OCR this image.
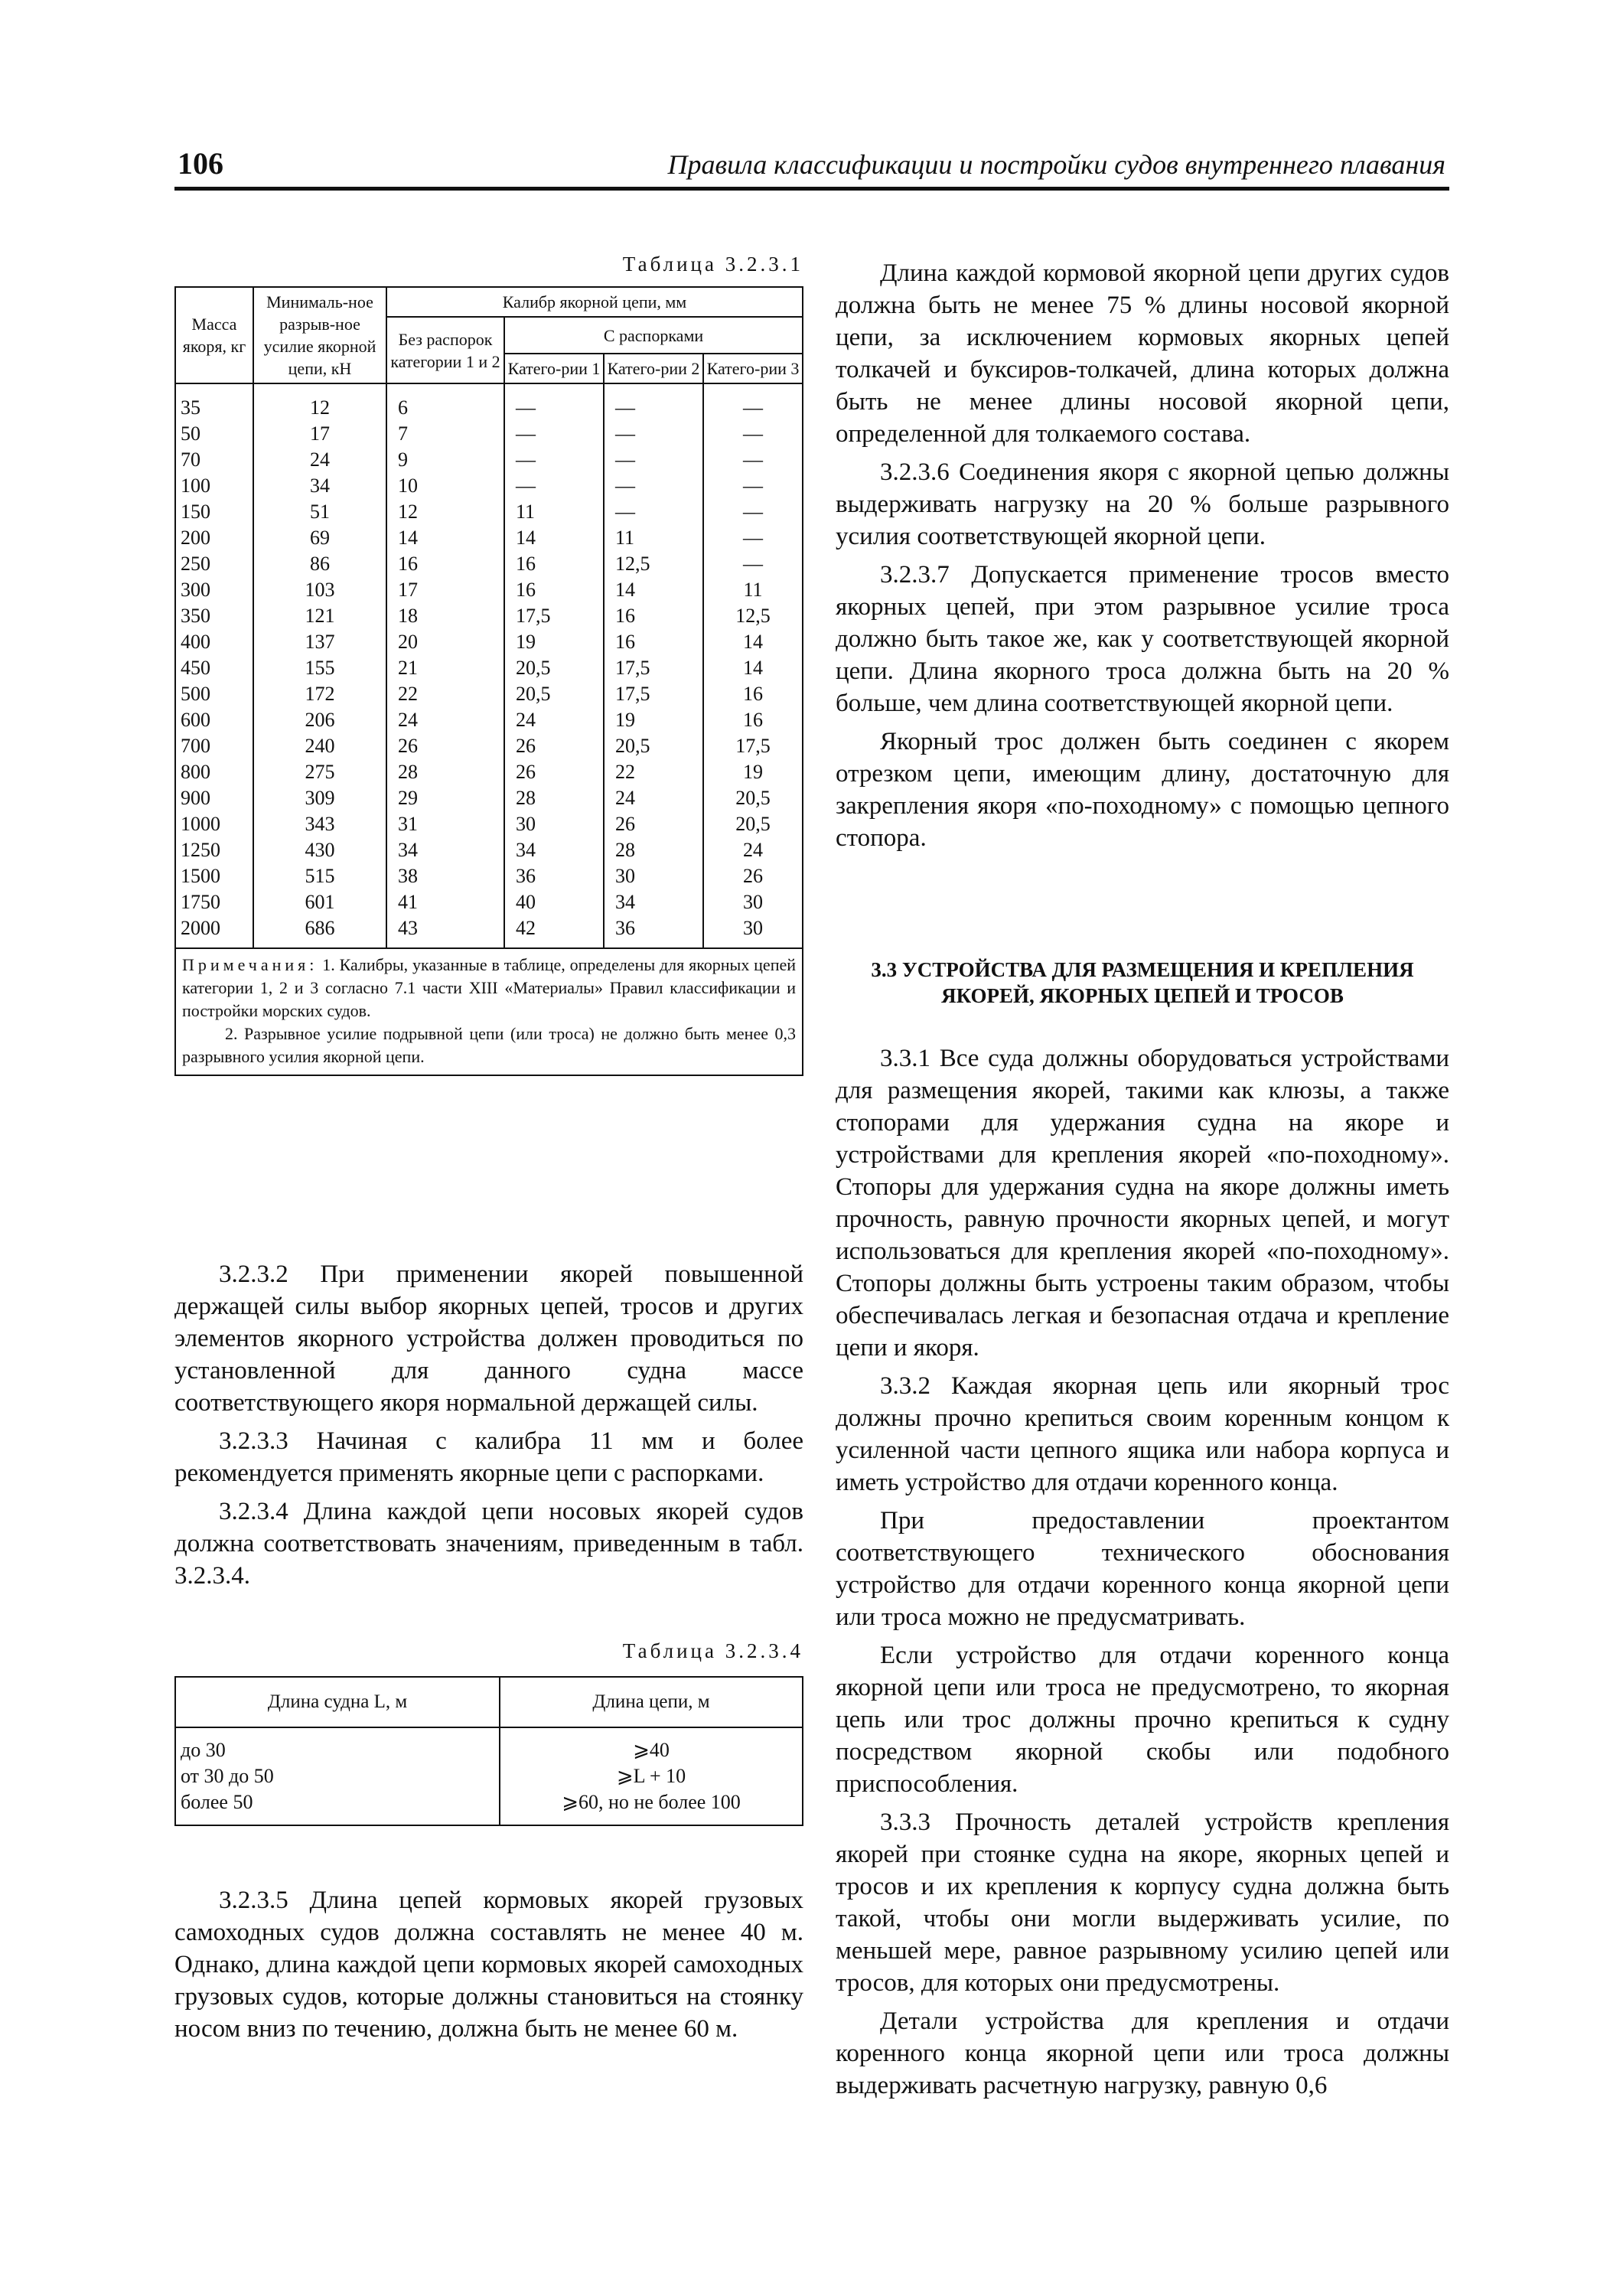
106	Правила классификации и постройки судов внутреннего плавания
Таблица 3.2.3.1
Масса якоря, кг	Минималь-ное разрыв-ное усилие якорной цепи, кН	Калибр якорной цепи, мм			
		Без распорок категории 1 и 2	С распорками		
			Катего-рии 1	Катего-рии 2	Катего-рии 3
35	12	6	—	—	—
50	17	7	—	—	—
70	24	9	—	—	—
100	34	10	—	—	—
150	51	12	11	—	—
200	69	14	14	11	—
250	86	16	16	12,5	—
300	103	17	16	14	11
350	121	18	17,5	16	12,5
400	137	20	19	16	14
450	155	21	20,5	17,5	14
500	172	22	20,5	17,5	16
600	206	24	24	19	16
700	240	26	26	20,5	17,5
800	275	28	26	22	19
900	309	29	28	24	20,5
1000	343	31	30	26	20,5
1250	430	34	34	28	24
1500	515	38	36	30	26
1750	601	41	40	34	30
2000	686	43	42	36	30
Примечания: 1. Калибры, указанные в таблице, определены для якорных цепей категории 1, 2 и 3 согласно 7.1 части XIII «Материалы» Правил классификации и постройки морских судов.
2. Разрывное усилие подрывной цепи (или троса) не должно быть менее 0,3 разрывного усилия якорной цепи.					

3.2.3.2 При применении якорей повышенной держащей силы выбор якорных цепей, тросов и других элементов якорного устройства должен проводиться по установленной для данного судна массе соответствующего якоря нормальной держащей силы.

3.2.3.3 Начиная с калибра 11 мм и более рекомендуется применять якорные цепи с распорками.

3.2.3.4 Длина каждой цепи носовых якорей судов должна соответствовать значениям, приведенным в табл. 3.2.3.4.

Таблица 3.2.3.4
Длина судна L, м	Длина цепи, м
до 30	⩾40
от 30 до 50	⩾L + 10
более 50	⩾60, но не более 100

3.2.3.5 Длина цепей кормовых якорей грузовых самоходных судов должна составлять не менее 40 м. Однако, длина каждой цепи кормовых якорей самоходных грузовых судов, которые должны становиться на стоянку носом вниз по течению, должна быть не менее 60 м.

Длина каждой кормовой якорной цепи других судов должна быть не менее 75 % длины носовой якорной цепи, за исключением кормовых якорных цепей толкачей и буксиров-толкачей, длина которых должна быть не менее длины носовой якорной цепи, определенной для толкаемого состава.

3.2.3.6 Соединения якоря с якорной цепью должны выдерживать нагрузку на 20 % больше разрывного усилия соответствующей якорной цепи.

3.2.3.7 Допускается применение тросов вместо якорных цепей, при этом разрывное усилие троса должно быть такое же, как у соответствующей якорной цепи. Длина якорного троса должна быть на 20 % больше, чем длина соответствующей якорной цепи.

Якорный трос должен быть соединен с якорем отрезком цепи, имеющим длину, достаточную для закрепления якоря «по-походному» с помощью цепного стопора.

3.3 УСТРОЙСТВА ДЛЯ РАЗМЕЩЕНИЯ И КРЕПЛЕНИЯ ЯКОРЕЙ, ЯКОРНЫХ ЦЕПЕЙ И ТРОСОВ

3.3.1 Все суда должны оборудоваться устройствами для размещения якорей, такими как клюзы, а также стопорами для удержания судна на якоре и устройствами для крепления якорей «по-походному». Стопоры для удержания судна на якоре должны иметь прочность, равную прочности якорных цепей, и могут использоваться для крепления якорей «по-походному». Стопоры должны быть устроены таким образом, чтобы обеспечивалась легкая и безопасная отдача и крепление цепи и якоря.

3.3.2 Каждая якорная цепь или якорный трос должны прочно крепиться своим коренным концом к усиленной части цепного ящика или набора корпуса и иметь устройство для отдачи коренного конца.

При предоставлении проектантом соответствующего технического обоснования устройство для отдачи коренного конца якорной цепи или троса можно не предусматривать.

Если устройство для отдачи коренного конца якорной цепи или троса не предусмотрено, то якорная цепь или трос должны прочно крепиться к судну посредством якорной скобы или подобного приспособления.

3.3.3 Прочность деталей устройств крепления якорей при стоянке судна на якоре, якорных цепей и тросов и их крепления к корпусу судна должна быть такой, чтобы они могли выдерживать усилие, по меньшей мере, равное разрывному усилию цепей или тросов, для которых они предусмотрены.

Детали устройства для крепления и отдачи коренного конца якорной цепи или троса должны выдерживать расчетную нагрузку, равную 0,6
